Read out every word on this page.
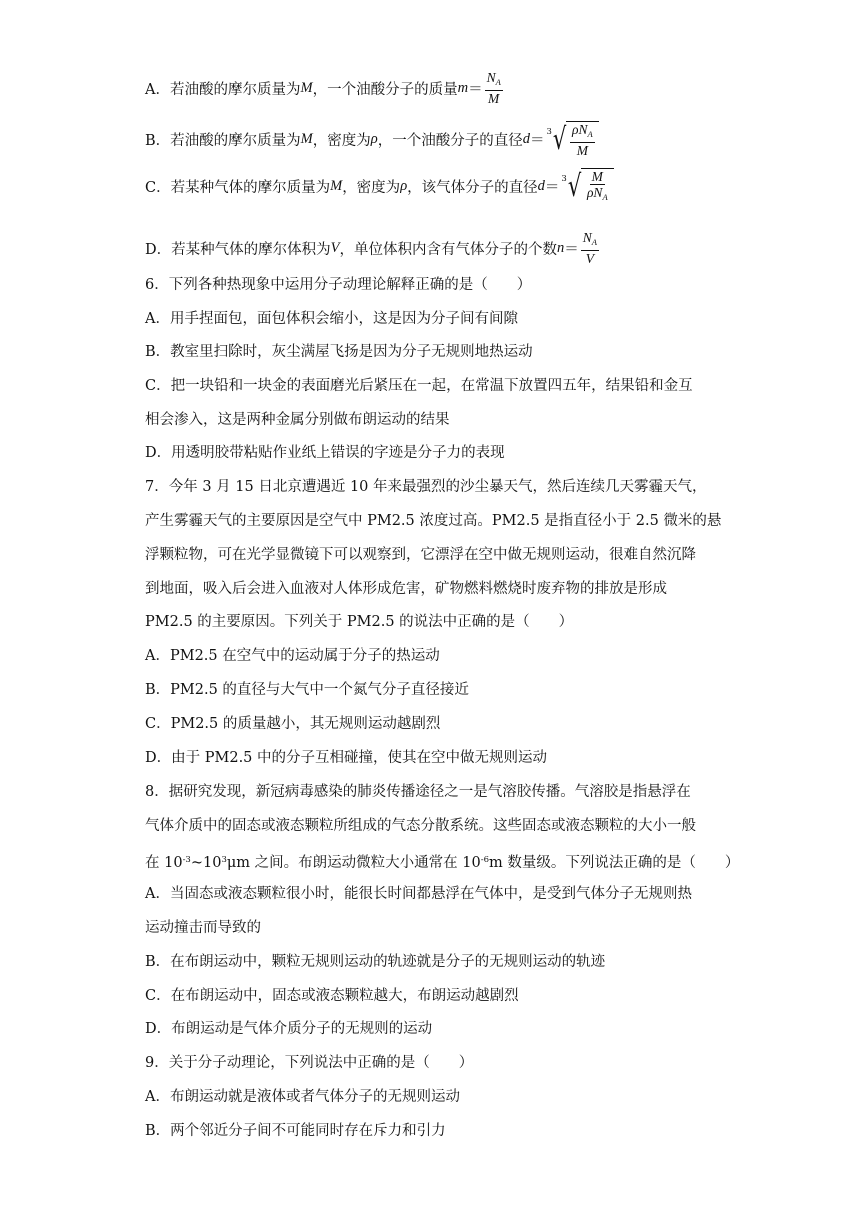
A．若油酸的摩尔质量为 M ，一个油酸分子的质量 $m = \frac{N_A}{M}$
B．若油酸的摩尔质量为 M ，密度为 ρ ，一个油酸分子的直径 d ＝
3 √ $\frac{\rho N_A}{M}$
C．若某种气体的摩尔质量为 M ，密度为 ρ ，该气体分子的直径 d ＝
3 √ $\frac{M}{\rho N_A}$
D．若某种气体的摩尔体积为 V ，单位体积内含有气体分子的个数 $n = \frac{N_A}{V}$
6．下列各种热现象中运用分子动理论解释正确的是（　　）
A．用手捏面包，面包体积会缩小，这是因为分子间有间隙
B．教室里扫除时，灰尘满屋飞扬是因为分子无规则地热运动
C．把一块铅和一块金的表面磨光后紧压在一起，在常温下放置四五年，结果铅和金互
相会渗入，这是两种金属分别做布朗运动的结果
D．用透明胶带粘贴作业纸上错误的字迹是分子力的表现
7．今年 3 月 15 日北京遭遇近 10 年来最强烈的沙尘暴天气，然后连续几天雾霾天气，
产生雾霾天气的主要原因是空气中 PM2.5 浓度过高。PM2.5 是指直径小于 2.5 微米的悬
浮颗粒物，可在光学显微镜下可以观察到，它漂浮在空中做无规则运动，很难自然沉降
到地面，吸入后会进入血液对人体形成危害，矿物燃料燃烧时废弃物的排放是形成
PM2.5 的主要原因。下列关于 PM2.5 的说法中正确的是（　　）
A．PM2.5 在空气中的运动属于分子的热运动
B．PM2.5 的直径与大气中一个氮气分子直径接近
C．PM2.5 的质量越小，其无规则运动越剧烈
D．由于 PM2.5 中的分子互相碰撞，使其在空中做无规则运动
8．据研究发现，新冠病毒感染的肺炎传播途径之一是气溶胶传播。气溶胶是指悬浮在
气体介质中的固态或液态颗粒所组成的气态分散系统。这些固态或液态颗粒的大小一般
在 $10^{-3}\sim 10^3\mu m$ 之间。布朗运动微粒大小通常在 $10^{-6}m$ 数量级。下列说法正确的是（　　）
A．当固态或液态颗粒很小时，能很长时间都悬浮在气体中，是受到气体分子无规则热
运动撞击而导致的
B．在布朗运动中，颗粒无规则运动的轨迹就是分子的无规则运动的轨迹
C．在布朗运动中，固态或液态颗粒越大，布朗运动越剧烈
D．布朗运动是气体介质分子的无规则的运动
9．关于分子动理论，下列说法中正确的是（　　）
A．布朗运动就是液体或者气体分子的无规则运动
B．两个邻近分子间不可能同时存在斥力和引力
